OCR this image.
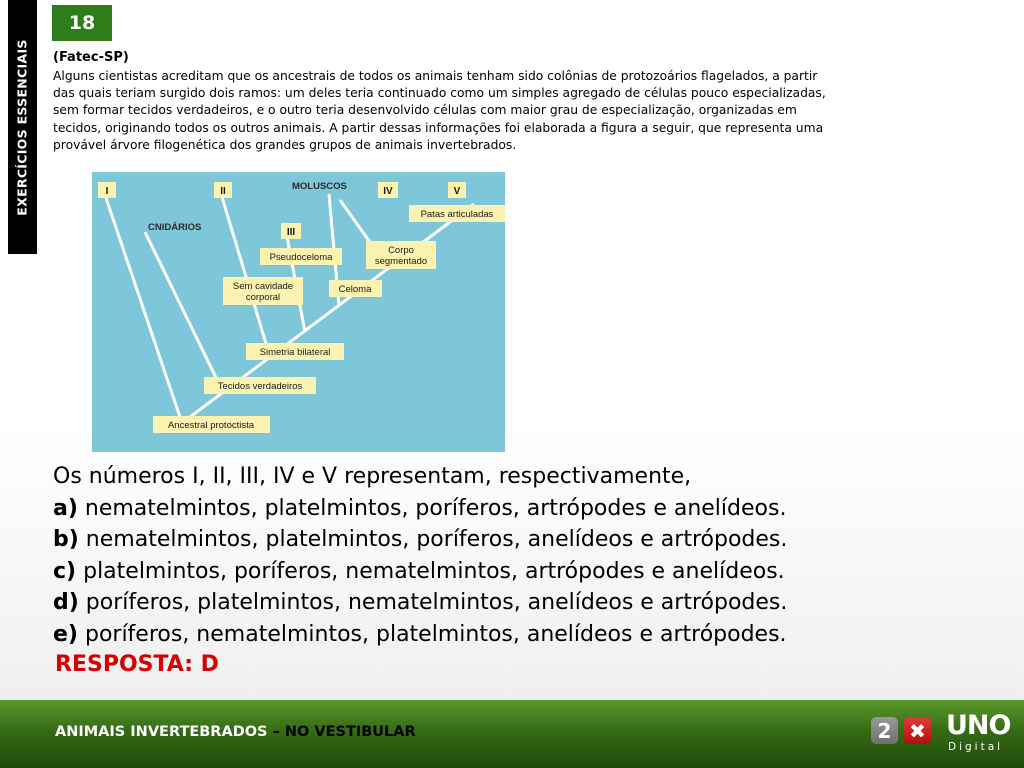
EXERCÍCIOS ESSENCIAIS
18
(Fatec-SP)
Alguns cientistas acreditam que os ancestrais de todos os animais tenham sido colônias de protozoários flagelados, a partir
das quais teriam surgido dois ramos: um deles teria continuado como um simples agregado de células pouco especializadas,
sem formar tecidos verdadeiros, e o outro teria desenvolvido células com maior grau de especialização, organizadas em
tecidos, originando todos os outros animais. A partir dessas informações foi elaborada a figura a seguir, que representa uma
provável árvore filogenética dos grandes grupos de animais invertebrados.
I	II
III
IV	V
MOLUSCOS
CNIDÁRIOS
Patas articuladas
Corpo
segmentado
Pseudoceloma
Celoma
Sem cavidade
corporal
Simetria bilateral
Tecidos verdadeiros
Ancestral protoctista
Os números I, II, III, IV e V representam, respectivamente,
a) nematelmintos, platelmintos, poríferos, artrópodes e anelídeos.
b) nematelmintos, platelmintos, poríferos, anelídeos e artrópodes.
c) platelmintos, poríferos, nematelmintos, artrópodes e anelídeos.
d) poríferos, platelmintos, nematelmintos, anelídeos e artrópodes.
e) poríferos, nematelmintos, platelmintos, anelídeos e artrópodes.
RESPOSTA: D
ANIMAIS INVERTEBRADOS – NO VESTIBULAR	2 ✖ UNO
Digital
